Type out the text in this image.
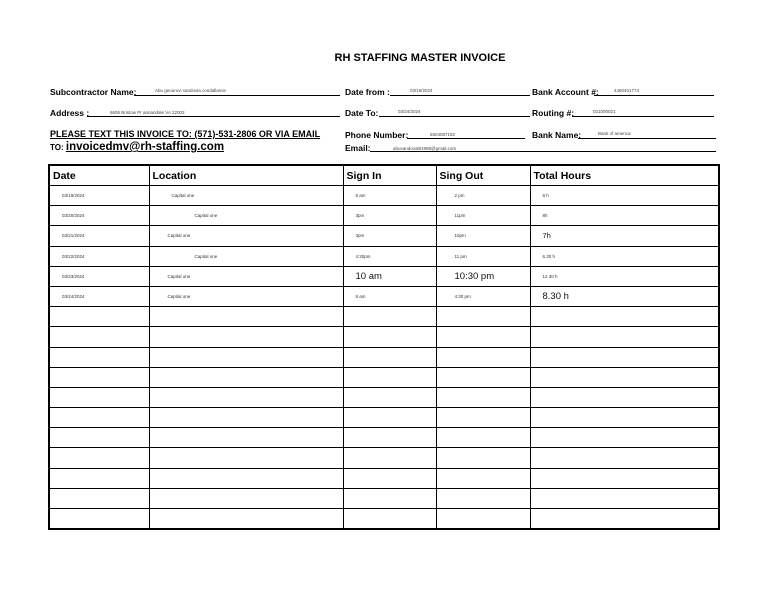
RH STAFFING MASTER INVOICE
Subcontractor Name:	Abu geourovi sandovia condallamie	Date from :	03/19/2024	Bank Account #:	4460401774
Address :	6606 Bristow Pr annandale VA 22003	Date To:	03/24/2024	Routing #:	021000021
PLEASE TEXT THIS INVOICE TO: (571)-531-2806 OR VIA EMAIL
TO: invoicedmv@rh-staffing.com
Phone Number:	5604087192	Bank Name:	Bank of america
Email:	abusandoval81998@gmail.com
Date	Location	Sign In	Sing Out	Total Hours
03/19/2024	Capital one	5 am	2 pm	9 h
03/20/2024	Capital one	3pm	11pm	8h
03/21/2024	Capital one	3pm	10pm	7h
03/22/2024	Capital one	4:30pm	11 pm	6.30 h
03/23/2024	Capital one	10 am	10:30 pm	12.30 h
03/24/2024	Capital one	8 am	4:30 pm	8.30 h
